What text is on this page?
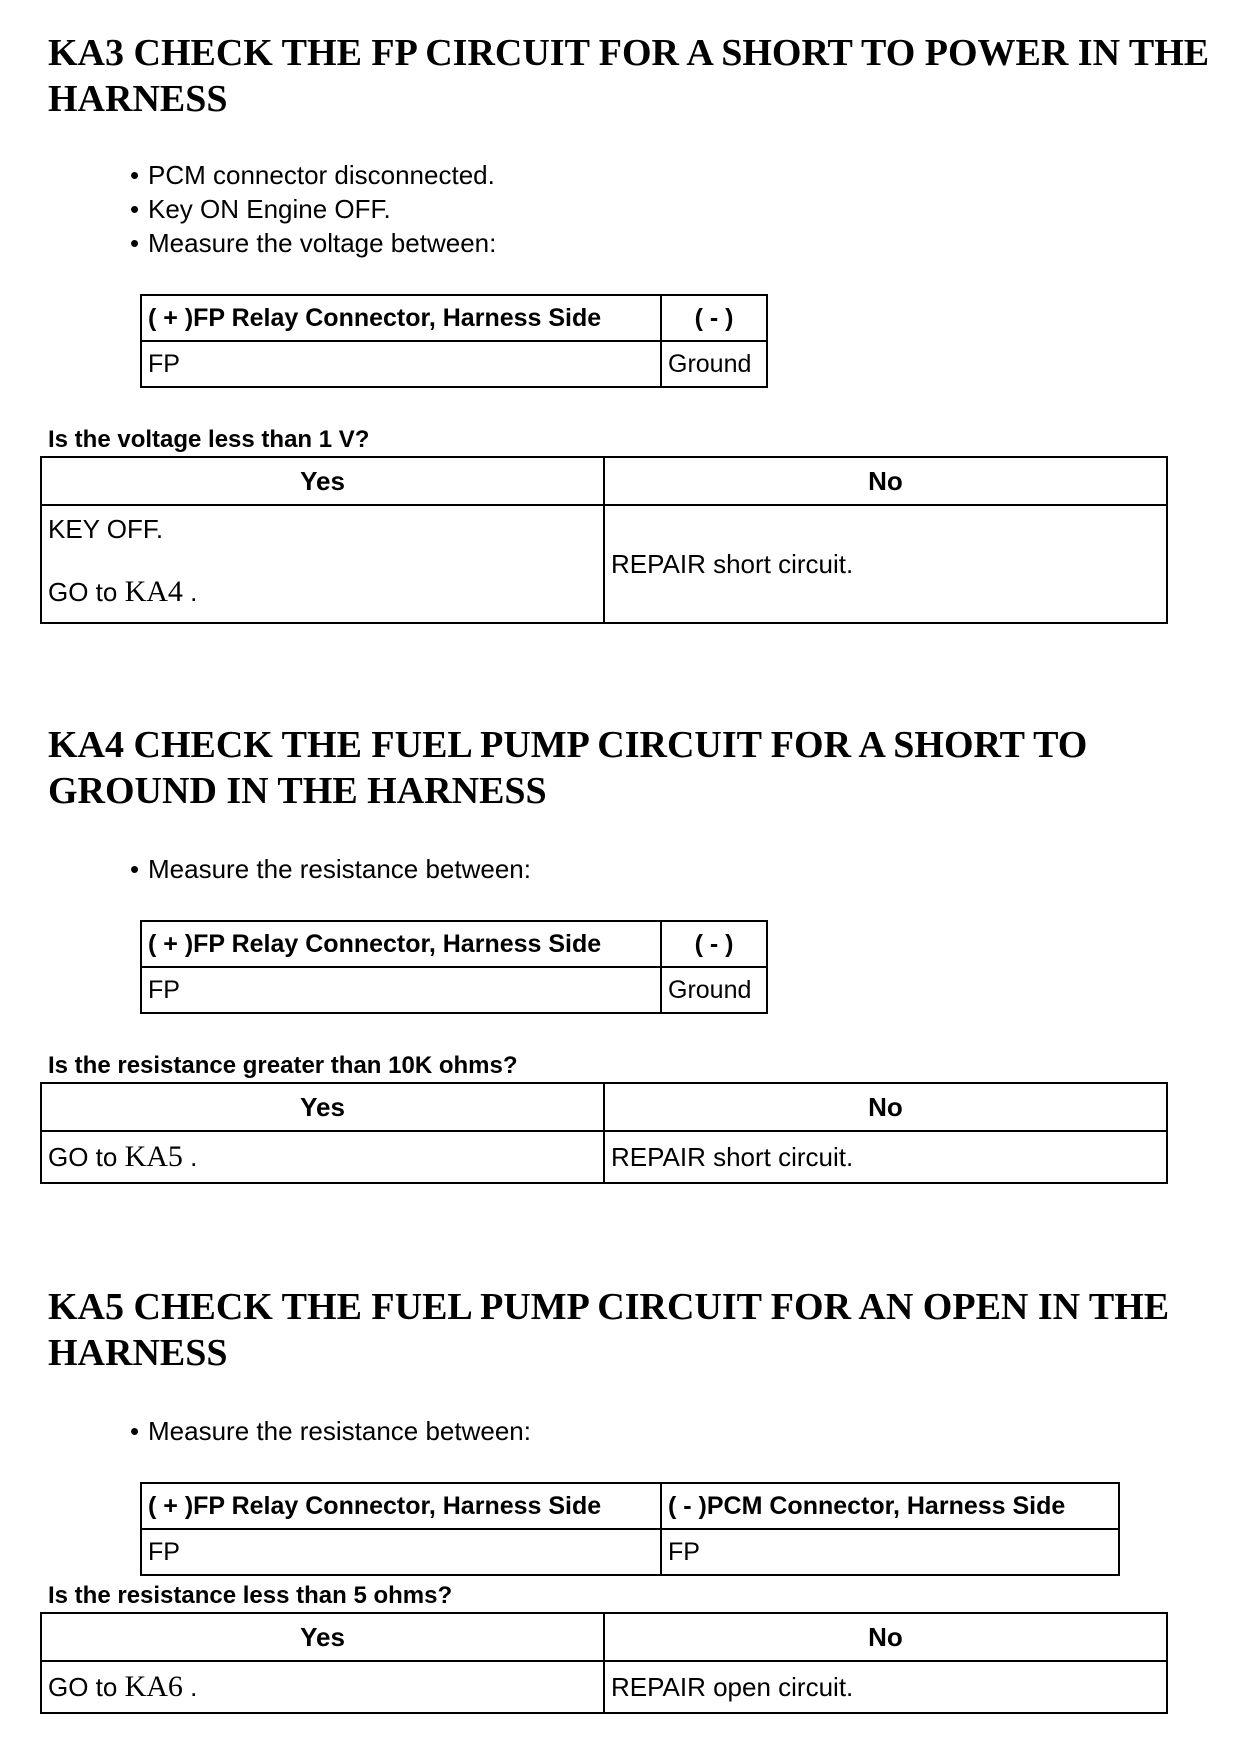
KA3 CHECK THE FP CIRCUIT FOR A SHORT TO POWER IN THE HARNESS
• PCM connector disconnected.
• Key ON Engine OFF.
• Measure the voltage between:
( + )FP Relay Connector, Harness Side	( - )
FP	Ground

Is the voltage less than 1 V?

Yes	No

KEY OFF.
GO to KA4 .	REPAIR short circuit.
KA4 CHECK THE FUEL PUMP CIRCUIT FOR A SHORT TO GROUND IN THE HARNESS
• Measure the resistance between:
( + )FP Relay Connector, Harness Side	( - )
FP	Ground

Is the resistance greater than 10K ohms?

Yes	No
GO to KA5 .	REPAIR short circuit.
KA5 CHECK THE FUEL PUMP CIRCUIT FOR AN OPEN IN THE HARNESS
• Measure the resistance between:
( + )FP Relay Connector, Harness Side	( - )PCM Connector, Harness Side
FP	FP

Is the resistance less than 5 ohms?

Yes	No
GO to KA6 .	REPAIR open circuit.
